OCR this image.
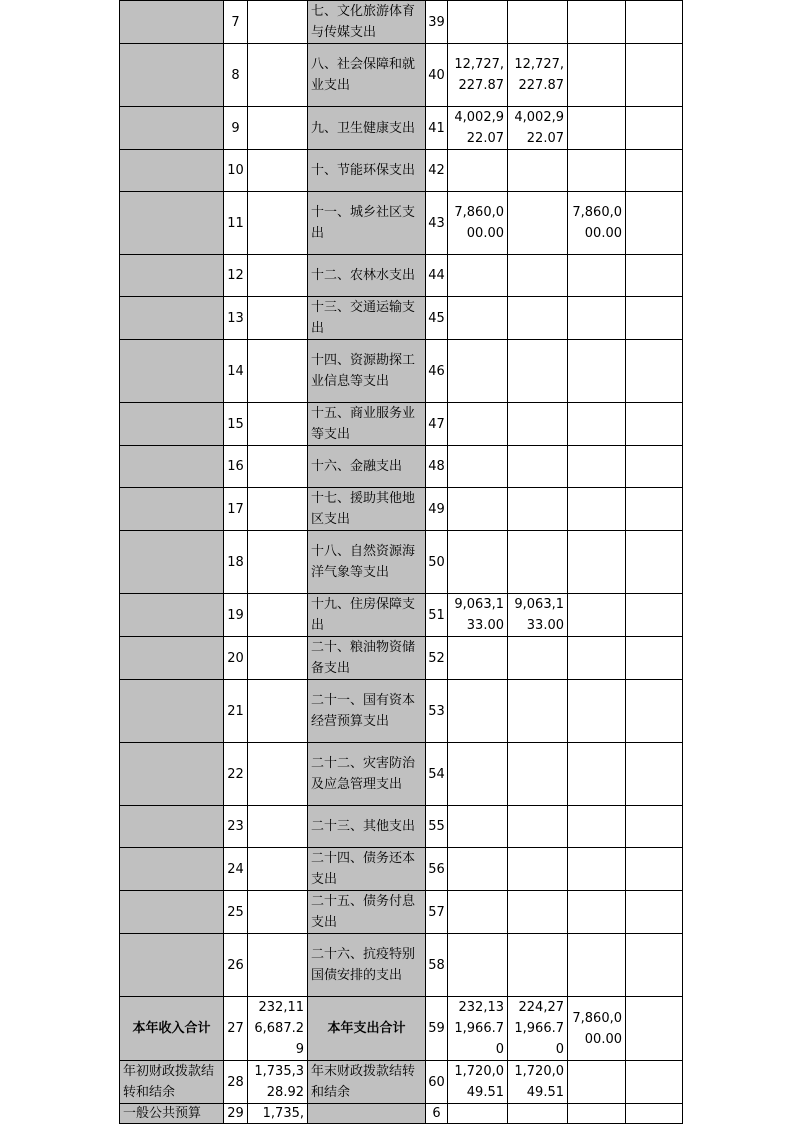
	7		七、文化旅游体育与传媒支出	39				
	8		八、社会保障和就业支出	40	12,727,227.87	12,727,227.87		
	9		九、卫生健康支出	41	4,002,922.07	4,002,922.07		
	10		十、节能环保支出	42				
	11		十一、城乡社区支出	43	7,860,000.00		7,860,000.00	
	12		十二、农林水支出	44				
	13		十三、交通运输支出	45				
	14		十四、资源勘探工业信息等支出	46				
	15		十五、商业服务业等支出	47				
	16		十六、金融支出	48				
	17		十七、援助其他地区支出	49				
	18		十八、自然资源海洋气象等支出	50				
	19		十九、住房保障支出	51	9,063,133.00	9,063,133.00		
	20		二十、粮油物资储备支出	52				
	21		二十一、国有资本经营预算支出	53				
	22		二十二、灾害防治及应急管理支出	54				
	23		二十三、其他支出	55				
	24		二十四、债务还本支出	56				
	25		二十五、债务付息支出	57				
	26		二十六、抗疫特别国债安排的支出	58				
本年收入合计	27	232,116,687.29	本年支出合计	59	232,131,966.70	224,271,966.70	7,860,000.00	
年初财政拨款结转和结余	28	1,735,328.92	年末财政拨款结转和结余	60	1,720,049.51	1,720,049.51		
一般公共预算	29	1,735,		6				
